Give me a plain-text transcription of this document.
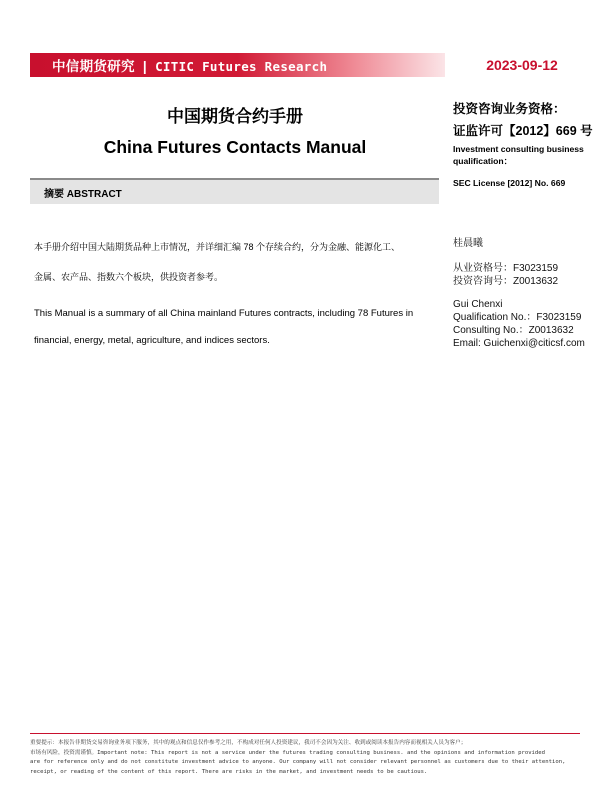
中信期货研究 | CITIC Futures Research	2023-09-12
中国期货合约手册
China Futures Contacts Manual
投资咨询业务资格：
证监许可【2012】669 号
Investment consulting business qualification：
SEC License [2012] No. 669
摘要 ABSTRACT
本手册介绍中国大陆期货品种上市情况，并详细汇编 78 个存续合约，分为金融、能源化工、
金属、农产品、指数六个板块，供投资者参考。
This Manual is a summary of all China mainland Futures contracts, including 78 Futures in
financial, energy, metal, agriculture, and indices sectors.
桂晨曦
从业资格号：F3023159
投资咨询号：Z0013632
Gui Chenxi
Qualification No.：F3023159
Consulting No.：Z0013632
Email: Guichenxi@citicsf.com
重要提示：本报告非期货交易咨询业务项下服务，其中的观点和信息仅作参考之用，不构成对任何人投资建议，我司不会因为关注、收到或阅读本报告内容而视相关人员为客户；
市场有风险，投资需谨慎。Important note: This report is not a service under the futures trading consulting business. and the opinions and information provided
are for reference only and do not constitute investment advice to anyone. Our company will not consider relevant personnel as customers due to their attention,
receipt, or reading of the content of this report. There are risks in the market, and investment needs to be cautious.
